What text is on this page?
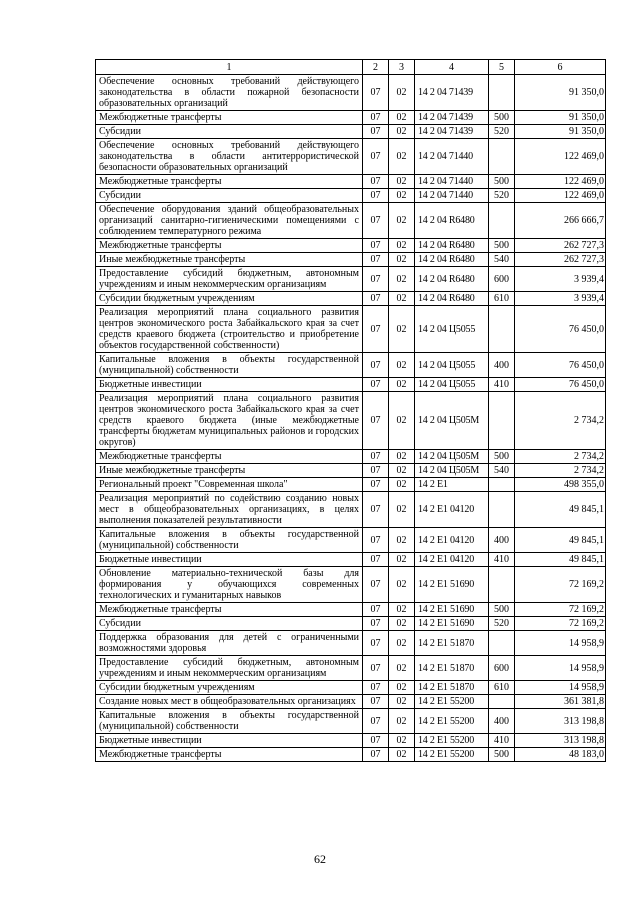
1	2	3	4	5	6
Обеспечение основных требований действующего законодательства в области пожарной безопасности образовательных организаций	07	02	14 2 04 71439		91 350,0
Межбюджетные трансферты	07	02	14 2 04 71439	500	91 350,0
Субсидии	07	02	14 2 04 71439	520	91 350,0
Обеспечение основных требований действующего законодательства в области антитеррористической безопасности образовательных организаций	07	02	14 2 04 71440		122 469,0
Межбюджетные трансферты	07	02	14 2 04 71440	500	122 469,0
Субсидии	07	02	14 2 04 71440	520	122 469,0
Обеспечение оборудования зданий общеобразовательных организаций санитарно-гигиеническими помещениями с соблюдением температурного режима	07	02	14 2 04 R6480		266 666,7
Межбюджетные трансферты	07	02	14 2 04 R6480	500	262 727,3
Иные межбюджетные трансферты	07	02	14 2 04 R6480	540	262 727,3
Предоставление субсидий бюджетным, автономным учреждениям и иным некоммерческим организациям	07	02	14 2 04 R6480	600	3 939,4
Субсидии бюджетным учреждениям	07	02	14 2 04 R6480	610	3 939,4
Реализация мероприятий плана социального развития центров экономического роста Забайкальского края за счет средств краевого бюджета (строительство и приобретение объектов государственной собственности)	07	02	14 2 04 Ц5055		76 450,0
Капитальные вложения в объекты государственной (муниципальной) собственности	07	02	14 2 04 Ц5055	400	76 450,0
Бюджетные инвестиции	07	02	14 2 04 Ц5055	410	76 450,0
Реализация мероприятий плана социального развития центров экономического роста Забайкальского края за счет средств краевого бюджета (иные межбюджетные трансферты бюджетам муниципальных районов и городских округов)	07	02	14 2 04 Ц505М		2 734,2
Межбюджетные трансферты	07	02	14 2 04 Ц505М	500	2 734,2
Иные межбюджетные трансферты	07	02	14 2 04 Ц505М	540	2 734,2
Региональный проект "Современная школа"	07	02	14 2 E1		498 355,0
Реализация мероприятий по содействию созданию новых мест в общеобразовательных организациях, в целях выполнения показателей результативности	07	02	14 2 E1 04120		49 845,1
Капитальные вложения в объекты государственной (муниципальной) собственности	07	02	14 2 E1 04120	400	49 845,1
Бюджетные инвестиции	07	02	14 2 E1 04120	410	49 845,1
Обновление материально-технической базы для формирования у обучающихся современных технологических и гуманитарных навыков	07	02	14 2 E1 51690		72 169,2
Межбюджетные трансферты	07	02	14 2 E1 51690	500	72 169,2
Субсидии	07	02	14 2 E1 51690	520	72 169,2
Поддержка образования для детей с ограниченными возможностями здоровья	07	02	14 2 E1 51870		14 958,9
Предоставление субсидий бюджетным, автономным учреждениям и иным некоммерческим организациям	07	02	14 2 E1 51870	600	14 958,9
Субсидии бюджетным учреждениям	07	02	14 2 E1 51870	610	14 958,9
Создание новых мест в общеобразовательных организациях	07	02	14 2 E1 55200		361 381,8
Капитальные вложения в объекты государственной (муниципальной) собственности	07	02	14 2 E1 55200	400	313 198,8
Бюджетные инвестиции	07	02	14 2 E1 55200	410	313 198,8
Межбюджетные трансферты	07	02	14 2 E1 55200	500	48 183,0
62
